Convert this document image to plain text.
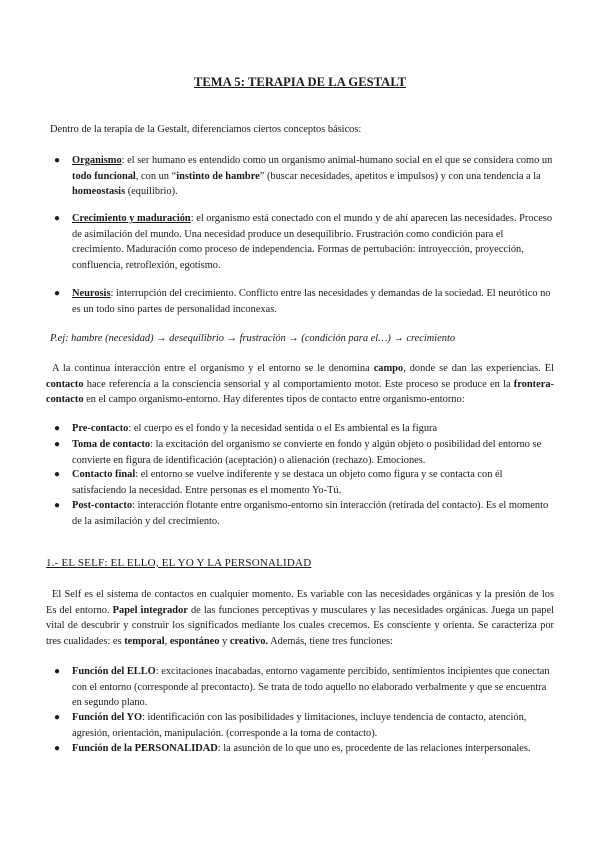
TEMA 5: TERAPIA DE LA GESTALT

Dentro de la terapia de la Gestalt, diferenciamos ciertos conceptos básicos:

● Organismo: el ser humano es entendido como un organismo animal-humano social en el que se considera como un todo funcional, con un “instinto de hambre” (buscar necesidades, apetitos e impulsos) y con una tendencia a la homeostasis (equilibrio).

● Crecimiento y maduración: el organismo está conectado con el mundo y de ahí aparecen las necesidades. Proceso de asimilación del mundo. Una necesidad produce un desequilibrio. Frustración como condición para el crecimiento. Maduración como proceso de independencia. Formas de pertubación: introyección, proyección, confluencia, retroflexión, egotismo.

● Neurosis: interrupción del crecimiento. Conflicto entre las necesidades y demandas de la sociedad. El neurótico no es un todo sino partes de personalidad inconexas.

P.ej: hambre (necesidad) → desequilibrio → frustración → (condición para el…) → crecimiento

A la continua interacción entre el organismo y el entorno se le denomina campo, donde se dan las experiencias. El contacto hace referencia a la consciencia sensorial y al comportamiento motor. Este proceso se produce en la frontera-contacto en el campo organismo-entorno. Hay diferentes tipos de contacto entre organismo-entorno:

● Pre-contacto: el cuerpo es el fondo y la necesidad sentida o el Es ambiental es la figura

● Toma de contacto: la excitación del organismo se convierte en fondo y algún objeto o posibilidad del entorno se convierte en figura de identificación (aceptación) o alienación (rechazo). Emociones.

● Contacto final: el entorno se vuelve indiferente y se destaca un objeto como figura y se contacta con él satisfaciendo la necesidad. Entre personas es el momento Yo-Tú.

● Post-contacto: interacción flotante entre organismo-entorno sin interacción (retirada del contacto). Es el momento de la asimilación y del crecimiento.

1.- EL SELF: EL ELLO, EL YO Y LA PERSONALIDAD

El Self es el sistema de contactos en cualquier momento. Es variable con las necesidades orgánicas y la presión de los Es del entorno. Papel integrador de las funciones perceptivas y musculares y las necesidades orgánicas. Juega un papel vital de descubrir y construir los significados mediante los cuales crecemos. Es consciente y orienta. Se caracteriza por tres cualidades: es temporal, espontáneo y creativo. Además, tiene tres funciones:

● Función del ELLO: excitaciones inacabadas, entorno vagamente percibido, sentimientos incipientes que conectan con el entorno (corresponde al precontacto). Se trata de todo aquello no elaborado verbalmente y que se encuentra en segundo plano.

● Función del YO: identificación con las posibilidades y limitaciones, incluye tendencia de contacto, atención, agresión, orientación, manipulación. (corresponde a la toma de contacto).

● Función de la PERSONALIDAD: la asunción de lo que uno es, procedente de las relaciones interpersonales.
